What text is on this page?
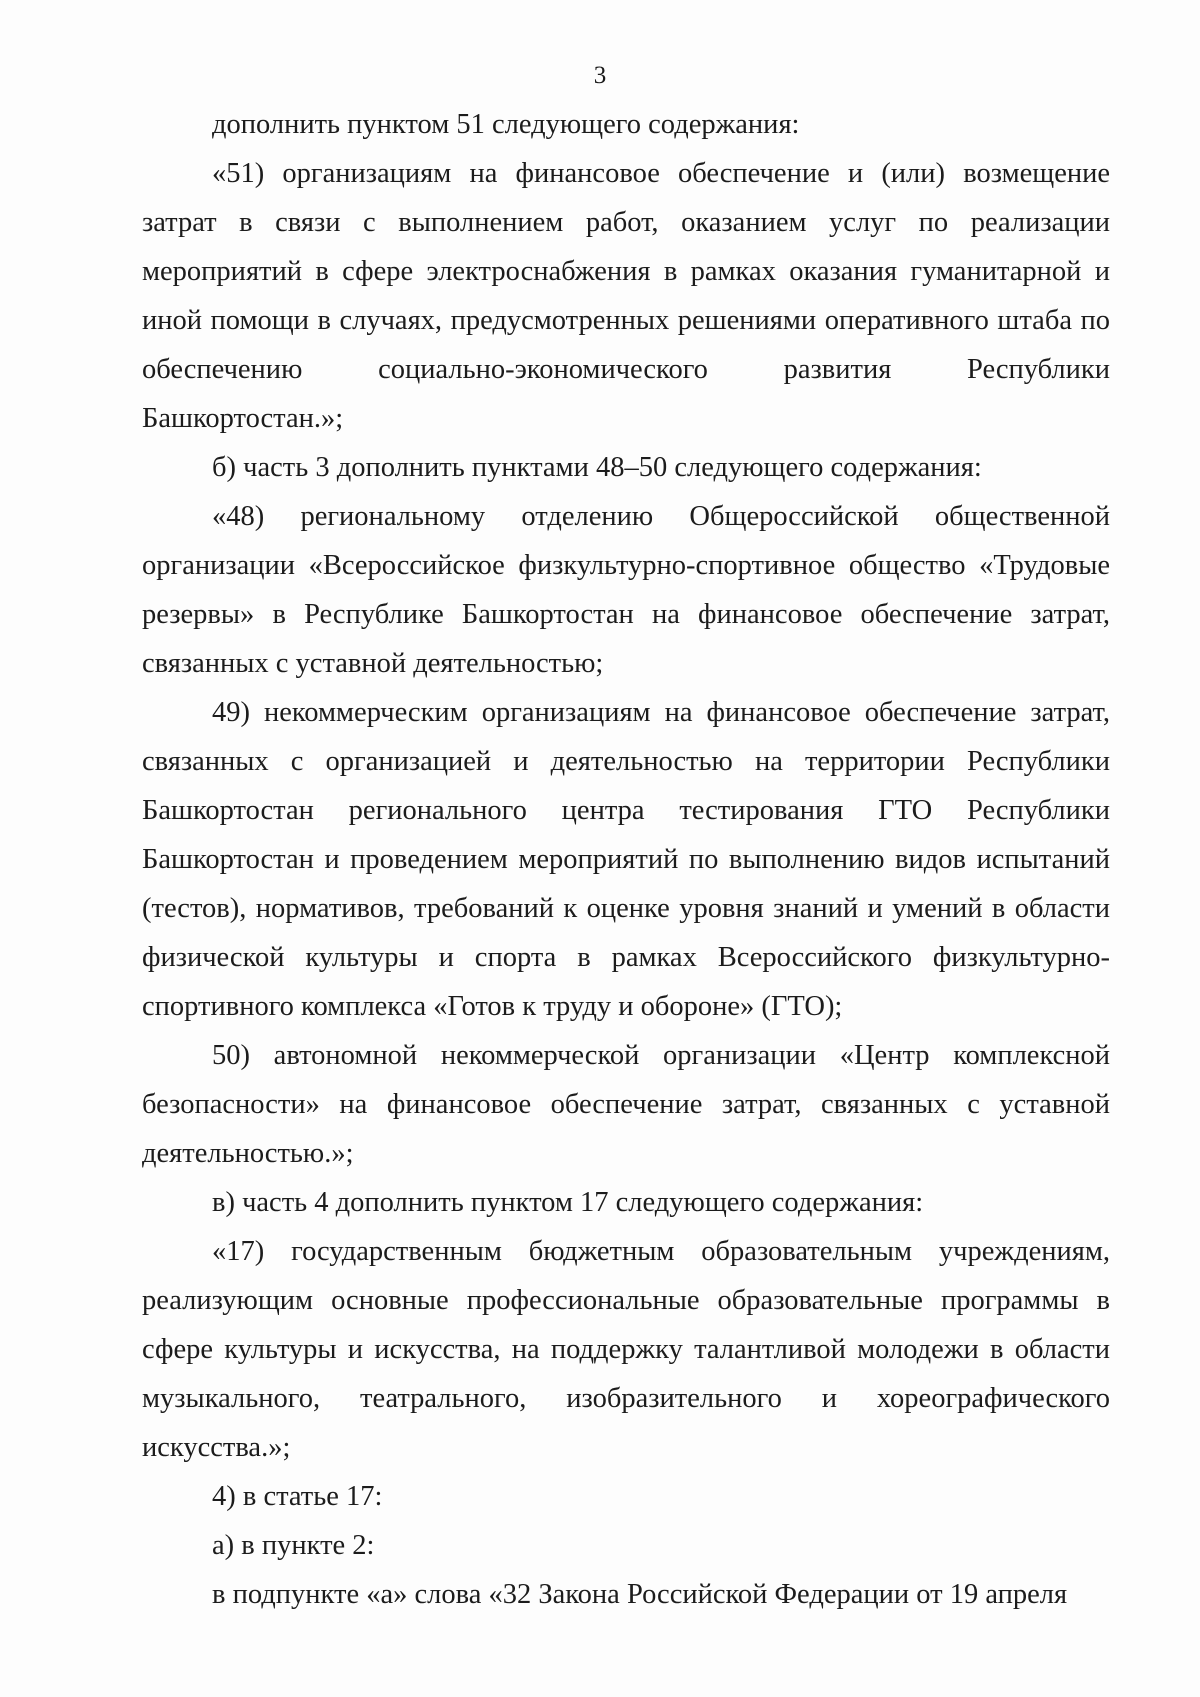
3

дополнить пунктом 51 следующего содержания:

«51) организациям на финансовое обеспечение и (или) возмещение затрат в связи с выполнением работ, оказанием услуг по реализации мероприятий в сфере электроснабжения в рамках оказания гуманитарной и иной помощи в случаях, предусмотренных решениями оперативного штаба по обеспечению социально-экономического развития Республики Башкортостан.»;

б) часть 3 дополнить пунктами 48–50 следующего содержания:

«48) региональному отделению Общероссийской общественной организации «Всероссийское физкультурно-спортивное общество «Трудовые резервы» в Республике Башкортостан на финансовое обеспечение затрат, связанных с уставной деятельностью;

49) некоммерческим организациям на финансовое обеспечение затрат, связанных с организацией и деятельностью на территории Республики Башкортостан регионального центра тестирования ГТО Республики Башкортостан и проведением мероприятий по выполнению видов испытаний (тестов), нормативов, требований к оценке уровня знаний и умений в области физической культуры и спорта в рамках Всероссийского физкультурно-спортивного комплекса «Готов к труду и обороне» (ГТО);

50) автономной некоммерческой организации «Центр комплексной безопасности» на финансовое обеспечение затрат, связанных с уставной деятельностью.»;

в) часть 4 дополнить пунктом 17 следующего содержания:

«17) государственным бюджетным образовательным учреждениям, реализующим основные профессиональные образовательные программы в сфере культуры и искусства, на поддержку талантливой молодежи в области музыкального, театрального, изобразительного и хореографического искусства.»;

4) в статье 17:

а) в пункте 2:

в подпункте «а» слова «32 Закона Российской Федерации от 19 апреля
